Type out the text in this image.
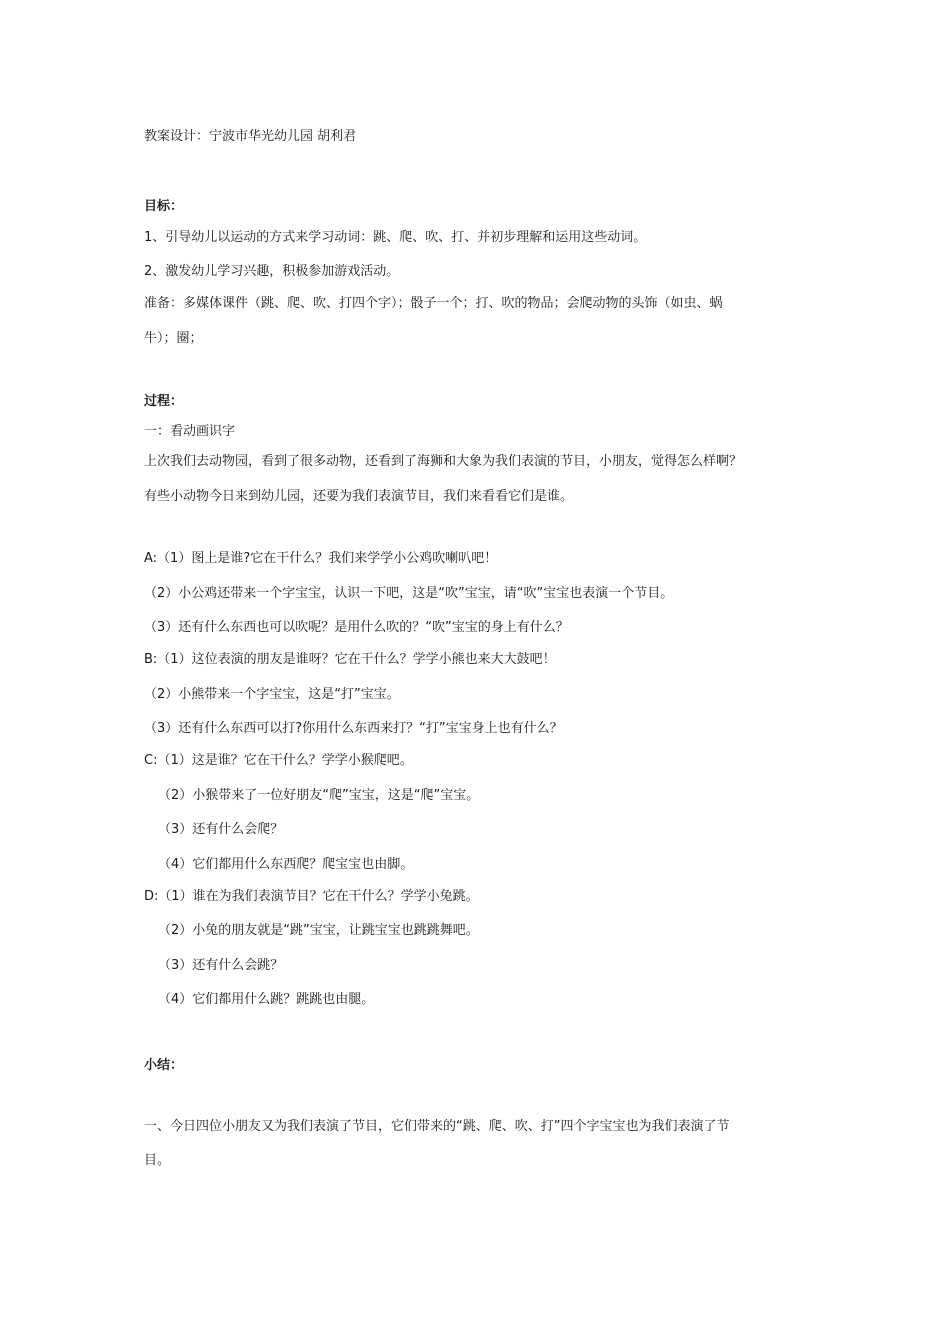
教案设计：宁波市华光幼儿园 胡利君
目标：
1、引导幼儿以运动的方式来学习动词：跳、爬、吹、打、并初步理解和运用这些动词。
2、激发幼儿学习兴趣，积极参加游戏活动。
准备：多媒体课件（跳、爬、吹、打四个字）；骰子一个；打、吹的物品；会爬动物的头饰（如虫、蜗
牛）；圈；
过程：
一：看动画识字
上次我们去动物园，看到了很多动物，还看到了海狮和大象为我们表演的节目，小朋友，觉得怎么样啊？
有些小动物今日来到幼儿园，还要为我们表演节目，我们来看看它们是谁。
A:（1）图上是谁?它在干什么？我们来学学小公鸡吹喇叭吧！
（2）小公鸡还带来一个字宝宝，认识一下吧，这是“吹”宝宝，请“吹”宝宝也表演一个节目。
（3）还有什么东西也可以吹呢？是用什么吹的？“吹”宝宝的身上有什么？
B:（1）这位表演的朋友是谁呀？它在干什么？学学小熊也来大大鼓吧！
（2）小熊带来一个字宝宝，这是“打”宝宝。
（3）还有什么东西可以打?你用什么东西来打？“打”宝宝身上也有什么？
C:（1）这是谁？它在干什么？学学小猴爬吧。
（2）小猴带来了一位好朋友“爬”宝宝，这是“爬”宝宝。
（3）还有什么会爬？
（4）它们都用什么东西爬？爬宝宝也由脚。
D:（1）谁在为我们表演节目？它在干什么？学学小兔跳。
（2）小兔的朋友就是“跳”宝宝，让跳宝宝也跳跳舞吧。
（3）还有什么会跳？
（4）它们都用什么跳？跳跳也由腿。
小结：
一、今日四位小朋友又为我们表演了节目，它们带来的“跳、爬、吹、打”四个字宝宝也为我们表演了节
目。
